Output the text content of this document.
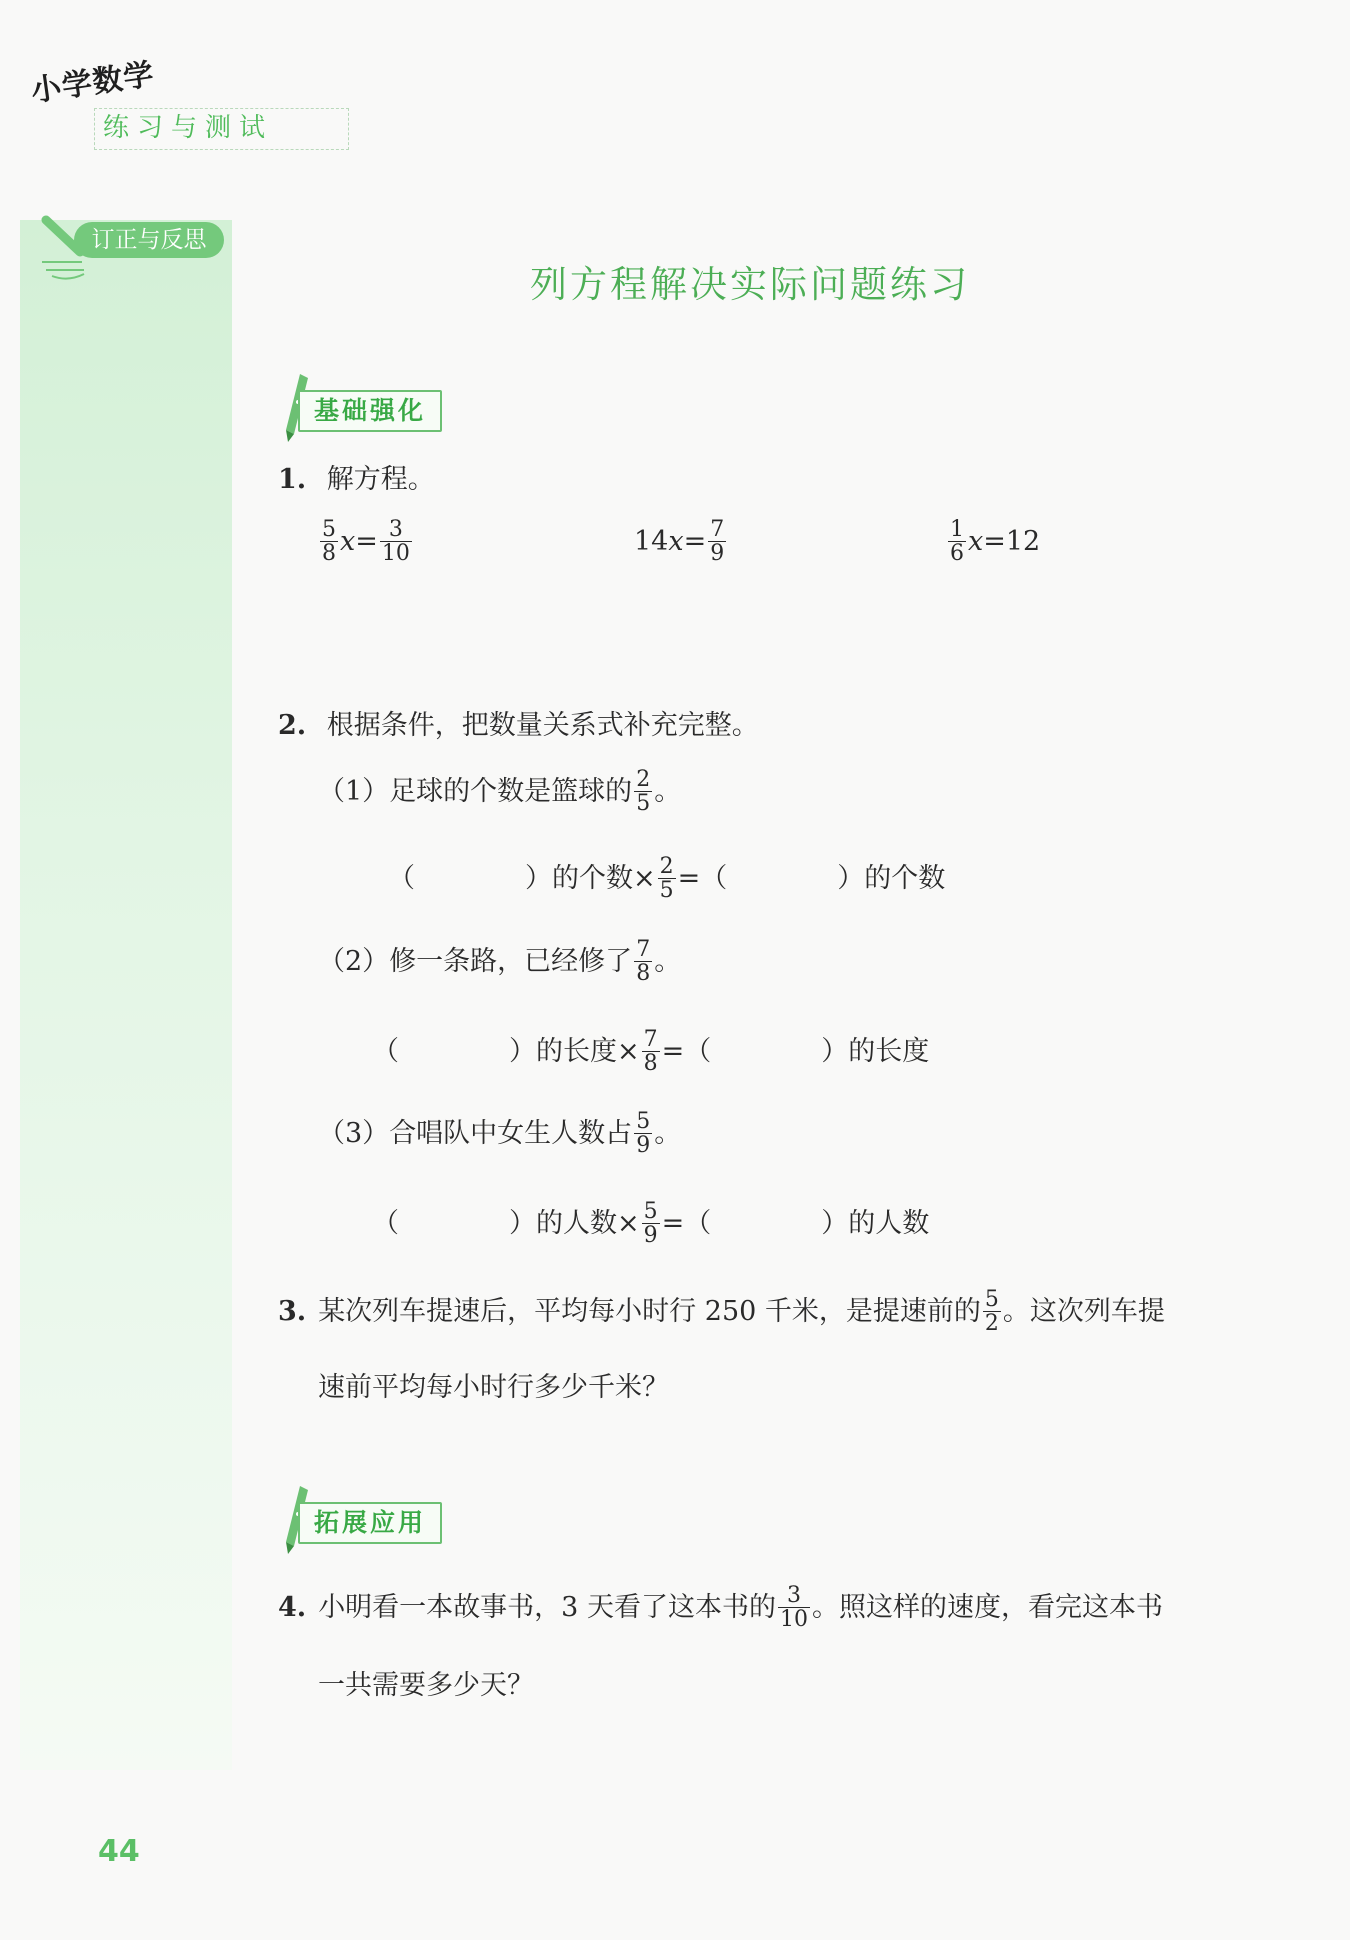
小学数学
练习与测试
订正与反思
列方程解决实际问题练习
基础强化
1. 解方程。
$\frac{5}{8} x= \frac{3}{10}$	$14x= \frac{7}{9}$	$\frac{1}{6} x=12$
2. 根据条件，把数量关系式补充完整。
（1）足球的个数是篮球的 $\frac{2}{5}$ 。
（	）的个数× $\frac{2}{5}$ =（	）的个数
（2）修一条路，已经修了 $\frac{7}{8}$ 。
（	）的长度× $\frac{7}{8}$ =（	）的长度
（3）合唱队中女生人数占 $\frac{5}{9}$ 。
（	）的人数× $\frac{5}{9}$ =（	）的人数
3. 某次列车提速后，平均每小时行 250 千米，是提速前的 $\frac{5}{2}$ 。这次列车提
速前平均每小时行多少千米？
拓展应用
4. 小明看一本故事书，3 天看了这本书的 $\frac{3}{10}$ 。照这样的速度，看完这本书
一共需要多少天？
44
